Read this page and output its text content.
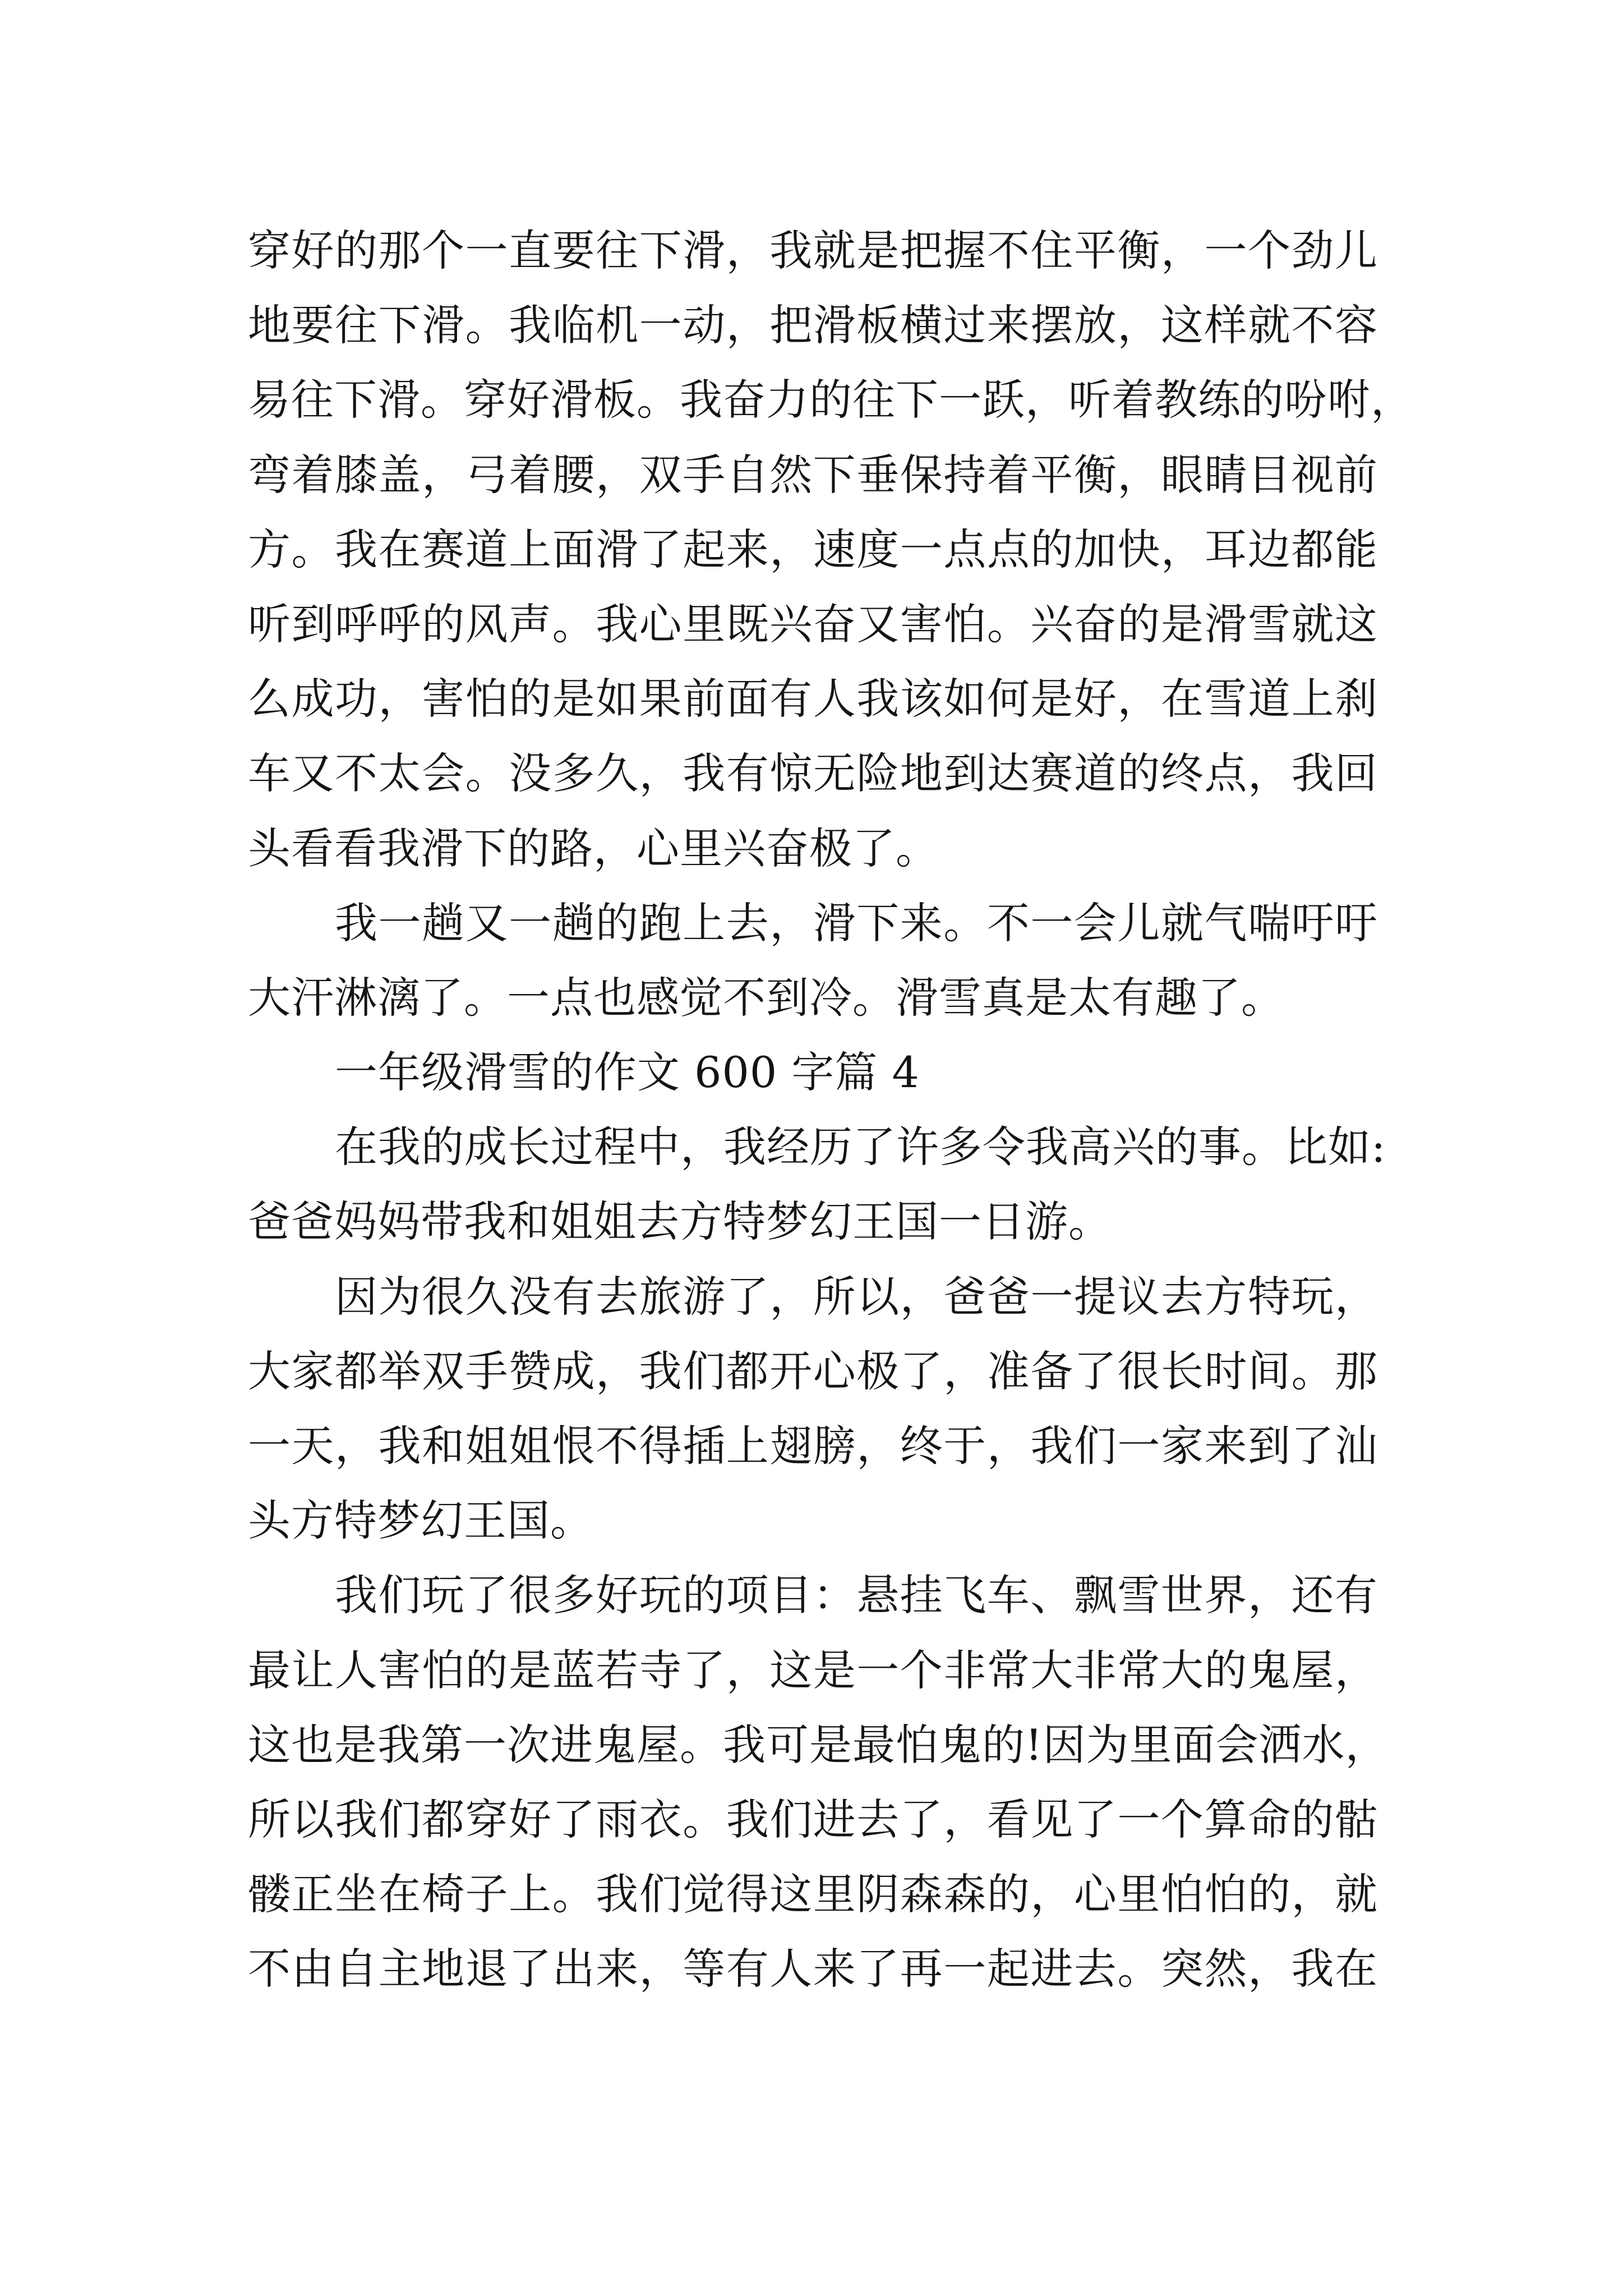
穿好的那个一直要往下滑，我就是把握不住平衡，一个劲儿
地要往下滑。我临机一动，把滑板横过来摆放，这样就不容
易往下滑。穿好滑板。我奋力的往下一跃，听着教练的吩咐，
弯着膝盖，弓着腰，双手自然下垂保持着平衡，眼睛目视前
方。我在赛道上面滑了起来，速度一点点的加快，耳边都能
听到呼呼的风声。我心里既兴奋又害怕。兴奋的是滑雪就这
么成功，害怕的是如果前面有人我该如何是好，在雪道上刹
车又不太会。没多久，我有惊无险地到达赛道的终点，我回
头看看我滑下的路，心里兴奋极了。
我一趟又一趟的跑上去，滑下来。不一会儿就气喘吁吁
大汗淋漓了。一点也感觉不到冷。滑雪真是太有趣了。
一年级滑雪的作文 600 字篇 4
在我的成长过程中，我经历了许多令我高兴的事。比如:
爸爸妈妈带我和姐姐去方特梦幻王国一日游。
因为很久没有去旅游了，所以，爸爸一提议去方特玩，
大家都举双手赞成，我们都开心极了，准备了很长时间。那
一天，我和姐姐恨不得插上翅膀，终于，我们一家来到了汕
头方特梦幻王国。
我们玩了很多好玩的项目：悬挂飞车、飘雪世界，还有
最让人害怕的是蓝若寺了，这是一个非常大非常大的鬼屋，
这也是我第一次进鬼屋。我可是最怕鬼的!因为里面会洒水，
所以我们都穿好了雨衣。我们进去了，看见了一个算命的骷
髅正坐在椅子上。我们觉得这里阴森森的，心里怕怕的，就
不由自主地退了出来，等有人来了再一起进去。突然，我在
